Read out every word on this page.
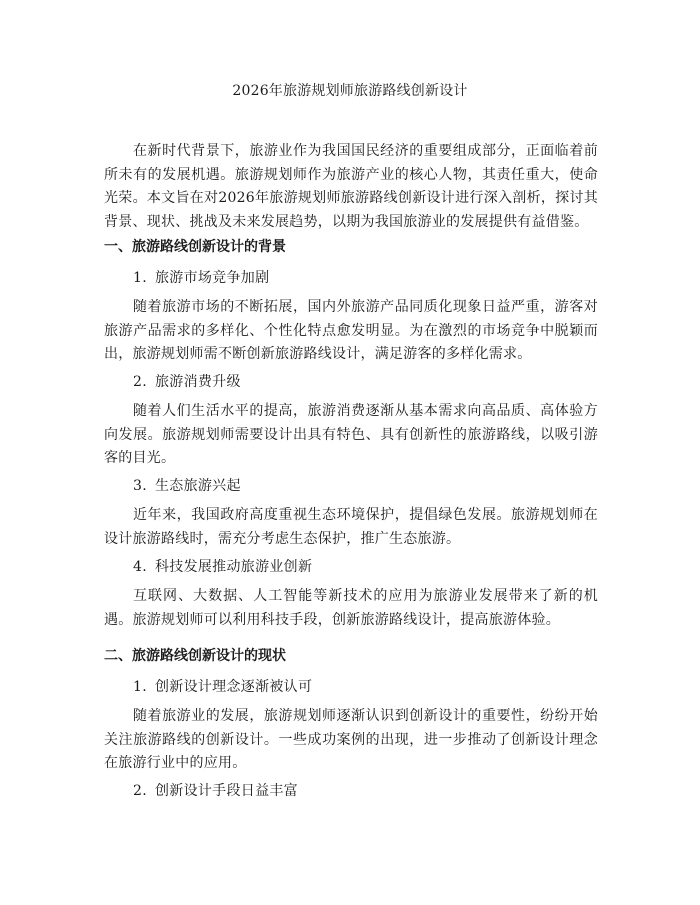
2026年旅游规划师旅游路线创新设计
在新时代背景下，旅游业作为我国国民经济的重要组成部分，正面临着前所未有的发展机遇。旅游规划师作为旅游产业的核心人物，其责任重大，使命光荣。本文旨在对2026年旅游规划师旅游路线创新设计进行深入剖析，探讨其背景、现状、挑战及未来发展趋势，以期为我国旅游业的发展提供有益借鉴。
一、旅游路线创新设计的背景
1. 旅游市场竞争加剧
随着旅游市场的不断拓展，国内外旅游产品同质化现象日益严重，游客对旅游产品需求的多样化、个性化特点愈发明显。为在激烈的市场竞争中脱颖而出，旅游规划师需不断创新旅游路线设计，满足游客的多样化需求。
2. 旅游消费升级
随着人们生活水平的提高，旅游消费逐渐从基本需求向高品质、高体验方向发展。旅游规划师需要设计出具有特色、具有创新性的旅游路线，以吸引游客的目光。
3. 生态旅游兴起
近年来，我国政府高度重视生态环境保护，提倡绿色发展。旅游规划师在设计旅游路线时，需充分考虑生态保护，推广生态旅游。
4. 科技发展推动旅游业创新
互联网、大数据、人工智能等新技术的应用为旅游业发展带来了新的机遇。旅游规划师可以利用科技手段，创新旅游路线设计，提高旅游体验。
二、旅游路线创新设计的现状
1. 创新设计理念逐渐被认可
随着旅游业的发展，旅游规划师逐渐认识到创新设计的重要性，纷纷开始关注旅游路线的创新设计。一些成功案例的出现，进一步推动了创新设计理念在旅游行业中的应用。
2. 创新设计手段日益丰富
